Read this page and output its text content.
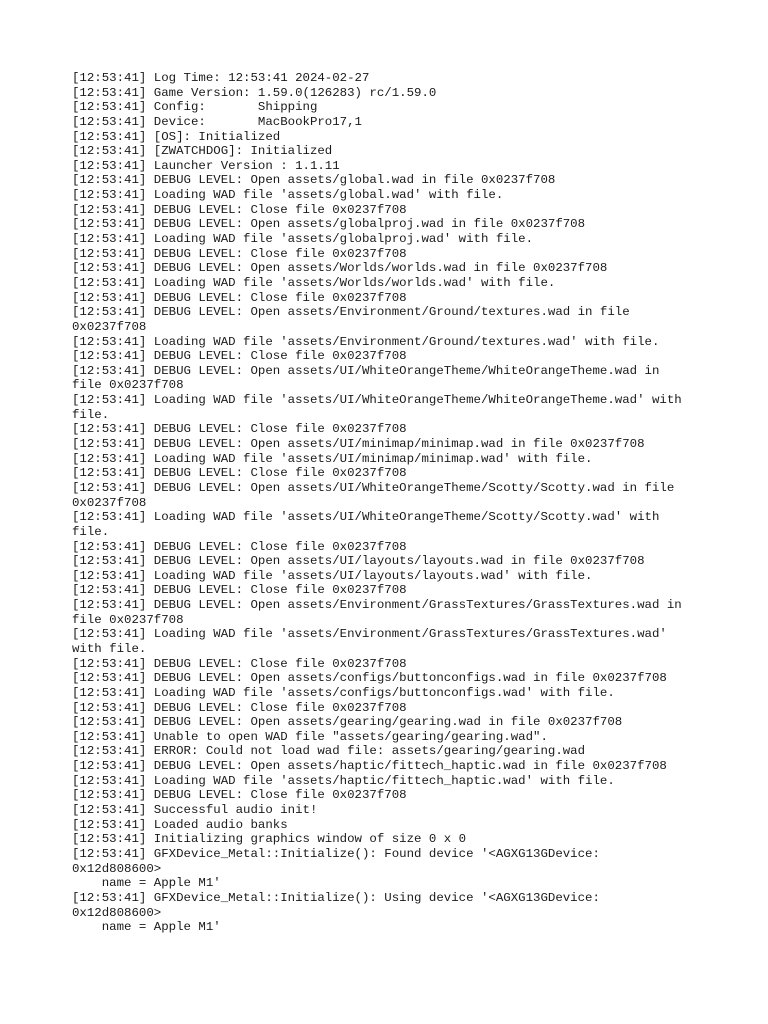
[12:53:41] Log Time: 12:53:41 2024-02-27
[12:53:41] Game Version: 1.59.0(126283) rc/1.59.0
[12:53:41] Config:       Shipping
[12:53:41] Device:       MacBookPro17,1
[12:53:41] [OS]: Initialized
[12:53:41] [ZWATCHDOG]: Initialized
[12:53:41] Launcher Version : 1.1.11
[12:53:41] DEBUG LEVEL: Open assets/global.wad in file 0x0237f708
[12:53:41] Loading WAD file 'assets/global.wad' with file.
[12:53:41] DEBUG LEVEL: Close file 0x0237f708
[12:53:41] DEBUG LEVEL: Open assets/globalproj.wad in file 0x0237f708
[12:53:41] Loading WAD file 'assets/globalproj.wad' with file.
[12:53:41] DEBUG LEVEL: Close file 0x0237f708
[12:53:41] DEBUG LEVEL: Open assets/Worlds/worlds.wad in file 0x0237f708
[12:53:41] Loading WAD file 'assets/Worlds/worlds.wad' with file.
[12:53:41] DEBUG LEVEL: Close file 0x0237f708
[12:53:41] DEBUG LEVEL: Open assets/Environment/Ground/textures.wad in file
0x0237f708
[12:53:41] Loading WAD file 'assets/Environment/Ground/textures.wad' with file.
[12:53:41] DEBUG LEVEL: Close file 0x0237f708
[12:53:41] DEBUG LEVEL: Open assets/UI/WhiteOrangeTheme/WhiteOrangeTheme.wad in
file 0x0237f708
[12:53:41] Loading WAD file 'assets/UI/WhiteOrangeTheme/WhiteOrangeTheme.wad' with
file.
[12:53:41] DEBUG LEVEL: Close file 0x0237f708
[12:53:41] DEBUG LEVEL: Open assets/UI/minimap/minimap.wad in file 0x0237f708
[12:53:41] Loading WAD file 'assets/UI/minimap/minimap.wad' with file.
[12:53:41] DEBUG LEVEL: Close file 0x0237f708
[12:53:41] DEBUG LEVEL: Open assets/UI/WhiteOrangeTheme/Scotty/Scotty.wad in file
0x0237f708
[12:53:41] Loading WAD file 'assets/UI/WhiteOrangeTheme/Scotty/Scotty.wad' with
file.
[12:53:41] DEBUG LEVEL: Close file 0x0237f708
[12:53:41] DEBUG LEVEL: Open assets/UI/layouts/layouts.wad in file 0x0237f708
[12:53:41] Loading WAD file 'assets/UI/layouts/layouts.wad' with file.
[12:53:41] DEBUG LEVEL: Close file 0x0237f708
[12:53:41] DEBUG LEVEL: Open assets/Environment/GrassTextures/GrassTextures.wad in
file 0x0237f708
[12:53:41] Loading WAD file 'assets/Environment/GrassTextures/GrassTextures.wad'
with file.
[12:53:41] DEBUG LEVEL: Close file 0x0237f708
[12:53:41] DEBUG LEVEL: Open assets/configs/buttonconfigs.wad in file 0x0237f708
[12:53:41] Loading WAD file 'assets/configs/buttonconfigs.wad' with file.
[12:53:41] DEBUG LEVEL: Close file 0x0237f708
[12:53:41] DEBUG LEVEL: Open assets/gearing/gearing.wad in file 0x0237f708
[12:53:41] Unable to open WAD file "assets/gearing/gearing.wad".
[12:53:41] ERROR: Could not load wad file: assets/gearing/gearing.wad
[12:53:41] DEBUG LEVEL: Open assets/haptic/fittech_haptic.wad in file 0x0237f708
[12:53:41] Loading WAD file 'assets/haptic/fittech_haptic.wad' with file.
[12:53:41] DEBUG LEVEL: Close file 0x0237f708
[12:53:41] Successful audio init!
[12:53:41] Loaded audio banks
[12:53:41] Initializing graphics window of size 0 x 0
[12:53:41] GFXDevice_Metal::Initialize(): Found device '<AGXG13GDevice:
0x12d808600>
name = Apple M1'
[12:53:41] GFXDevice_Metal::Initialize(): Using device '<AGXG13GDevice:
0x12d808600>
name = Apple M1'
